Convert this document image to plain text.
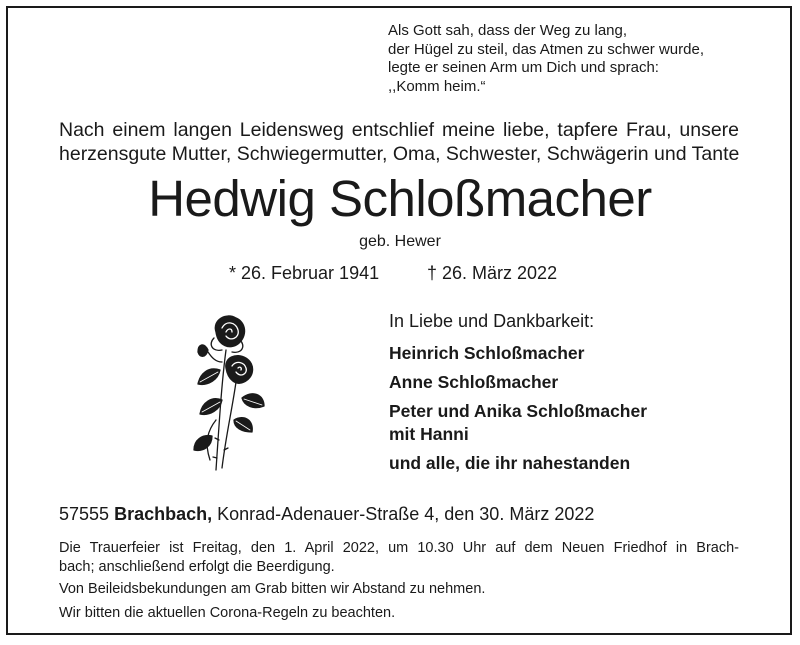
Als Gott sah, dass der Weg zu lang,
der Hügel zu steil, das Atmen zu schwer wurde,
legte er seinen Arm um Dich und sprach:
,,Komm heim.“
Nach einem langen Leidensweg entschlief meine liebe, tapfere Frau, unsere
herzensgute Mutter, Schwiegermutter, Oma, Schwester, Schwägerin und Tante
Hedwig Schloßmacher
geb. Hewer
* 26. Februar 1941	† 26. März 2022
In Liebe und Dankbarkeit:
Heinrich Schloßmacher
Anne Schloßmacher
Peter und Anika Schloßmacher
mit Hanni
und alle, die ihr nahestanden
57555 Brachbach, Konrad-Adenauer-Straße 4, den 30. März 2022
Die Trauerfeier ist Freitag, den 1. April 2022, um 10.30 Uhr auf dem Neuen Friedhof in Brach-
bach; anschließend erfolgt die Beerdigung.
Von Beileidsbekundungen am Grab bitten wir Abstand zu nehmen.
Wir bitten die aktuellen Corona-Regeln zu beachten.
